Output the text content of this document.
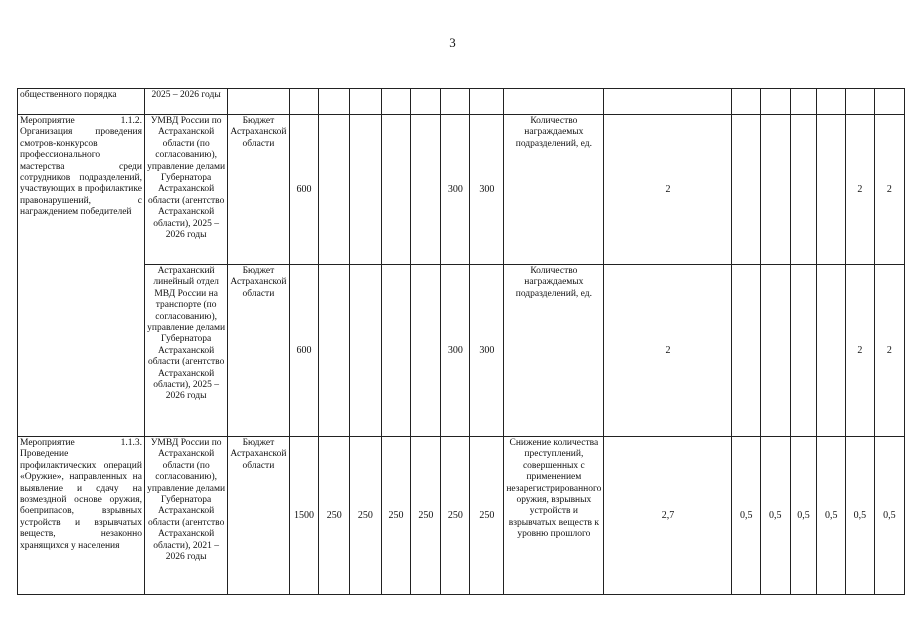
3
общественного порядка	2025 – 2026 годы																
Мероприятие 1.1.2. Организация проведения смотров-конкурсов профессионального мастерства среди сотрудников подразделений, участвующих в профилактике правонарушений, с награждением победителей	УМВД России по Астраханской области (по согласованию), управление делами Губернатора Астраханской области (агентство Астраханской области), 2025 – 2026 годы	Бюджет Астраханской области	600					300	300	Количество награждаемых подразделений, ед.	2					2	2
	Астраханский линейный отдел МВД России на транспорте (по согласованию), управление делами Губернатора Астраханской области (агентство Астраханской области), 2025 – 2026 годы	Бюджет Астраханской области	600					300	300	Количество награждаемых подразделений, ед.	2					2	2
Мероприятие 1.1.3. Проведение профилактических операций «Оружие», направленных на выявление и сдачу на возмездной основе оружия, боеприпасов, взрывных устройств и взрывчатых веществ, незаконно хранящихся у населения	УМВД России по Астраханской области (по согласованию), управление делами Губернатора Астраханской области (агентство Астраханской области), 2021 – 2026 годы	Бюджет Астраханской области	1500	250	250	250	250	250	250	Снижение количества преступлений, совершенных с применением незарегистрированного оружия, взрывных устройств и взрывчатых веществ к уровню прошлого	2,7	0,5	0,5	0,5	0,5	0,5	0,5
